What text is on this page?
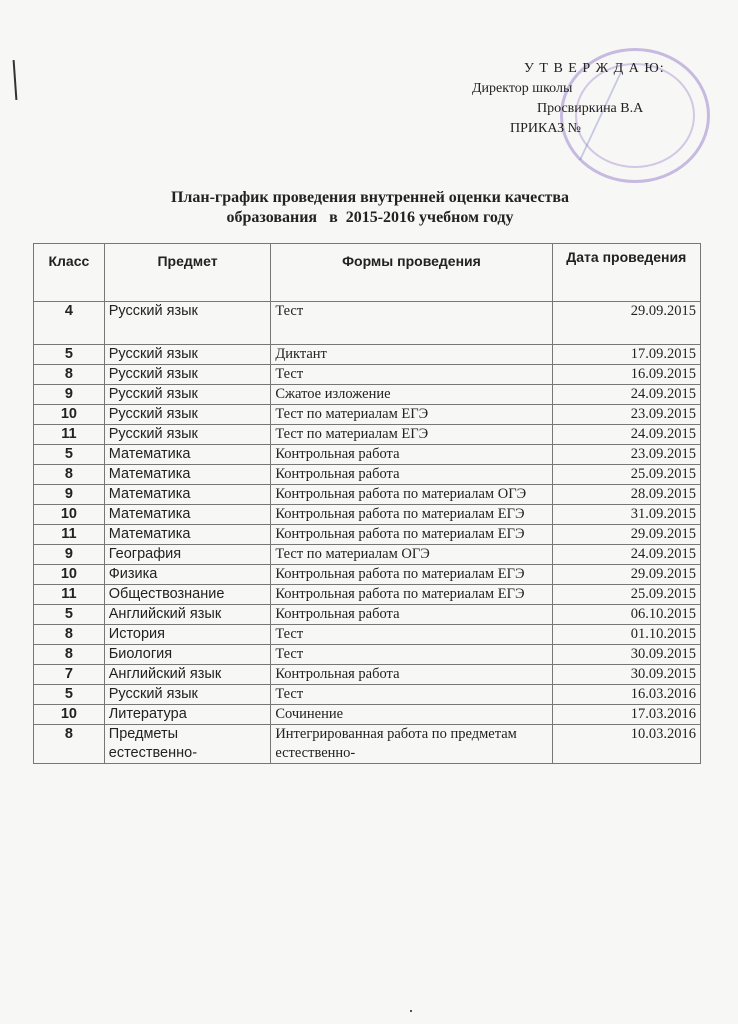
У Т В Е Р Ж Д А Ю:
Директор школы
Просвиркина В.А
ПРИКАЗ №
План-график проведения внутренней оценки качества
образования   в  2015-2016 учебном году
Класс	Предмет	Формы проведения	Дата проведения
4	Русский язык	Тест	29.09.2015
5	Русский язык	Диктант	17.09.2015
8	Русский язык	Тест	16.09.2015
9	Русский язык	Сжатое изложение	24.09.2015
10	Русский язык	Тест по материалам ЕГЭ	23.09.2015
11	Русский язык	Тест по материалам ЕГЭ	24.09.2015
5	Математика	Контрольная работа	23.09.2015
8	Математика	Контрольная работа	25.09.2015
9	Математика	Контрольная работа по материалам ОГЭ	28.09.2015
10	Математика	Контрольная работа по материалам ЕГЭ	31.09.2015
11	Математика	Контрольная работа по материалам ЕГЭ	29.09.2015
9	География	Тест по материалам ОГЭ	24.09.2015
10	Физика	Контрольная работа по материалам ЕГЭ	29.09.2015
11	Обществознание	Контрольная работа по материалам ЕГЭ	25.09.2015
5	Английский язык	Контрольная работа	06.10.2015
8	История	Тест	01.10.2015
8	Биология	Тест	30.09.2015
7	Английский язык	Контрольная работа	30.09.2015
5	Русский язык	Тест	16.03.2016
10	Литература	Сочинение	17.03.2016
8	Предметы естественно-	Интегрированная работа по предметам естественно-	10.03.2016
